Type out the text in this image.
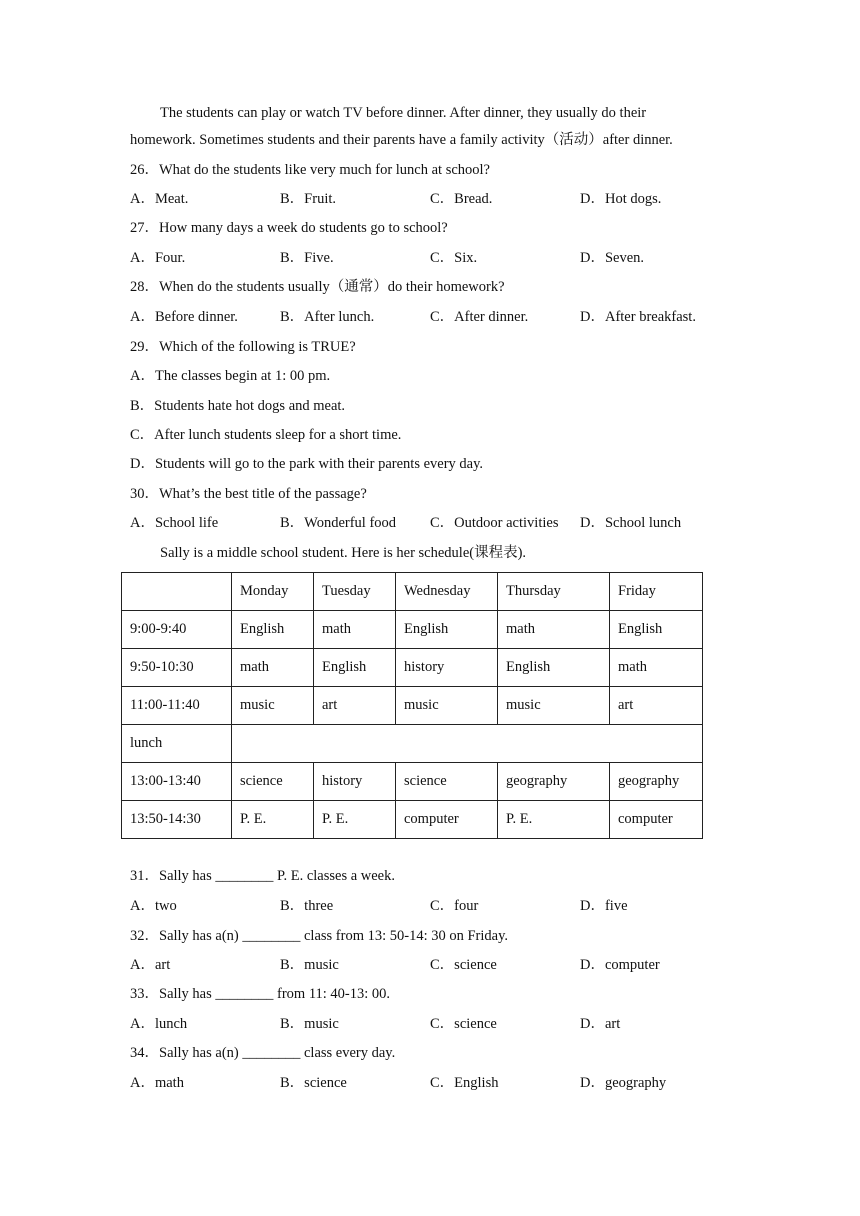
The students can play or watch TV before dinner. After dinner, they usually do their
homework. Sometimes students and their parents have a family activity（活动）after dinner.
26．What do the students like very much for lunch at school?
A．Meat.	B．Fruit.	C．Bread.	D．Hot dogs.
27．How many days a week do students go to school?
A．Four.	B．Five.	C．Six.	D．Seven.
28．When do the students usually（通常）do their homework?
A．Before dinner.	B．After lunch.	C．After dinner.	D．After breakfast.
29．Which of the following is TRUE?
A．The classes begin at 1: 00 pm.
B．Students hate hot dogs and meat.
C．After lunch students sleep for a short time.
D．Students will go to the park with their parents every day.
30．What’s the best title of the passage?
A．School life	B．Wonderful food C．Outdoor activities D．School lunch
Sally is a middle school student. Here is her schedule(课程表).
	Monday	Tuesday	Wednesday	Thursday	Friday
9:00-9:40	English	math	English	math	English
9:50-10:30	math	English	history	English	math
11:00-11:40	music	art	music	music	art
lunch					
13:00-13:40	science	history	science	geography	geography
13:50-14:30	P. E.	P. E.	computer	P. E.	computer
31．Sally has ________ P. E. classes a week.
A．two	B．three	C．four	D．five
32．Sally has a(n) ________ class from 13: 50-14: 30 on Friday.
A．art	B．music	C．science	D．computer
33．Sally has ________ from 11: 40-13: 00.
A．lunch	B．music	C．science	D．art
34．Sally has a(n) ________ class every day.
A．math	B．science	C．English	D．geography
